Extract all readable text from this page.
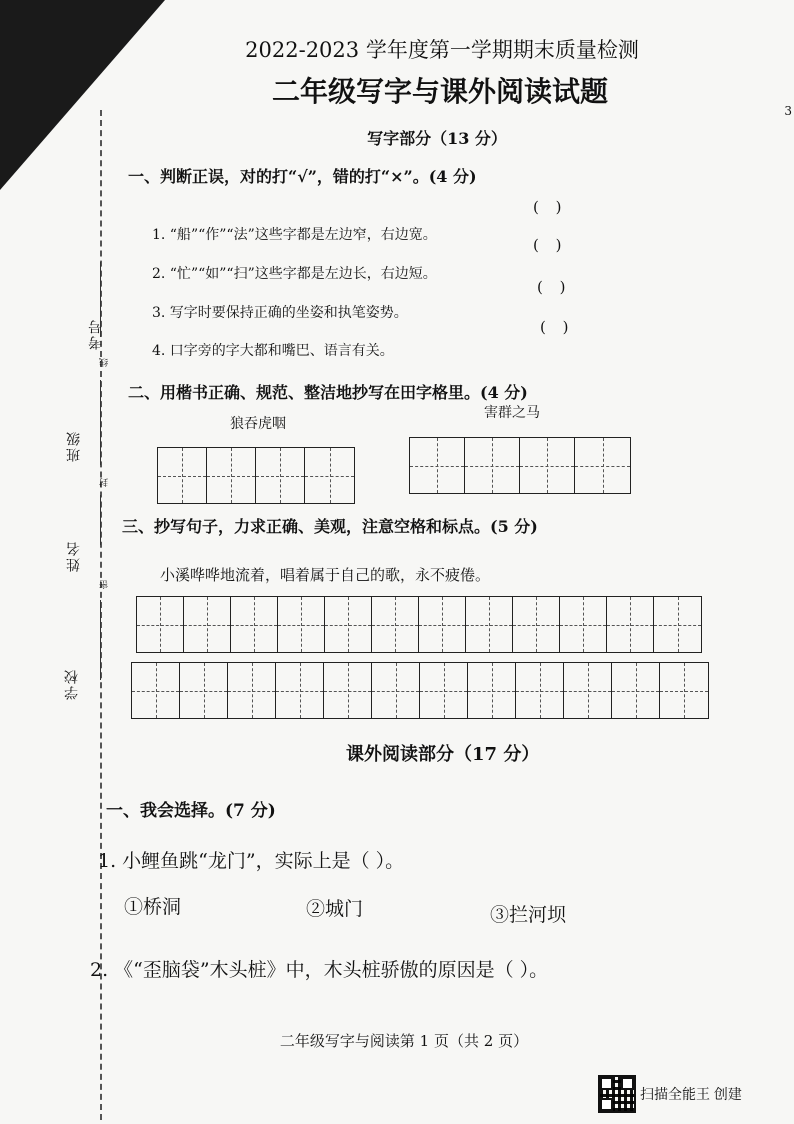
考号
线
班级
封
姓名
密
学校
3
2022-2023 学年度第一学期期末质量检测
二年级写字与课外阅读试题
写字部分（13 分）
一、判断正误，对的打“√”，错的打“×”。(4 分)
1. “船”“作”“法”这些字都是左边窄，右边宽。
( )
2. “忙”“如”“扫”这些字都是左边长，右边短。
( )
3. 写字时要保持正确的坐姿和执笔姿势。
( )
4. 口字旁的字大都和嘴巴、语言有关。
( )
二、用楷书正确、规范、整洁地抄写在田字格里。(4 分)
狼吞虎咽
害群之马
三、抄写句子，力求正确、美观，注意空格和标点。(5 分)
小溪哗哗地流着，唱着属于自己的歌，永不疲倦。
课外阅读部分（17 分）
一、我会选择。(7 分)
1. 小鲤鱼跳“龙门”，实际上是（ ）。
①桥洞	②城门	③拦河坝
2. 《“歪脑袋”木头桩》中，木头桩骄傲的原因是（ ）。
二年级写字与阅读第 1 页（共 2 页）
扫描全能王 创建
